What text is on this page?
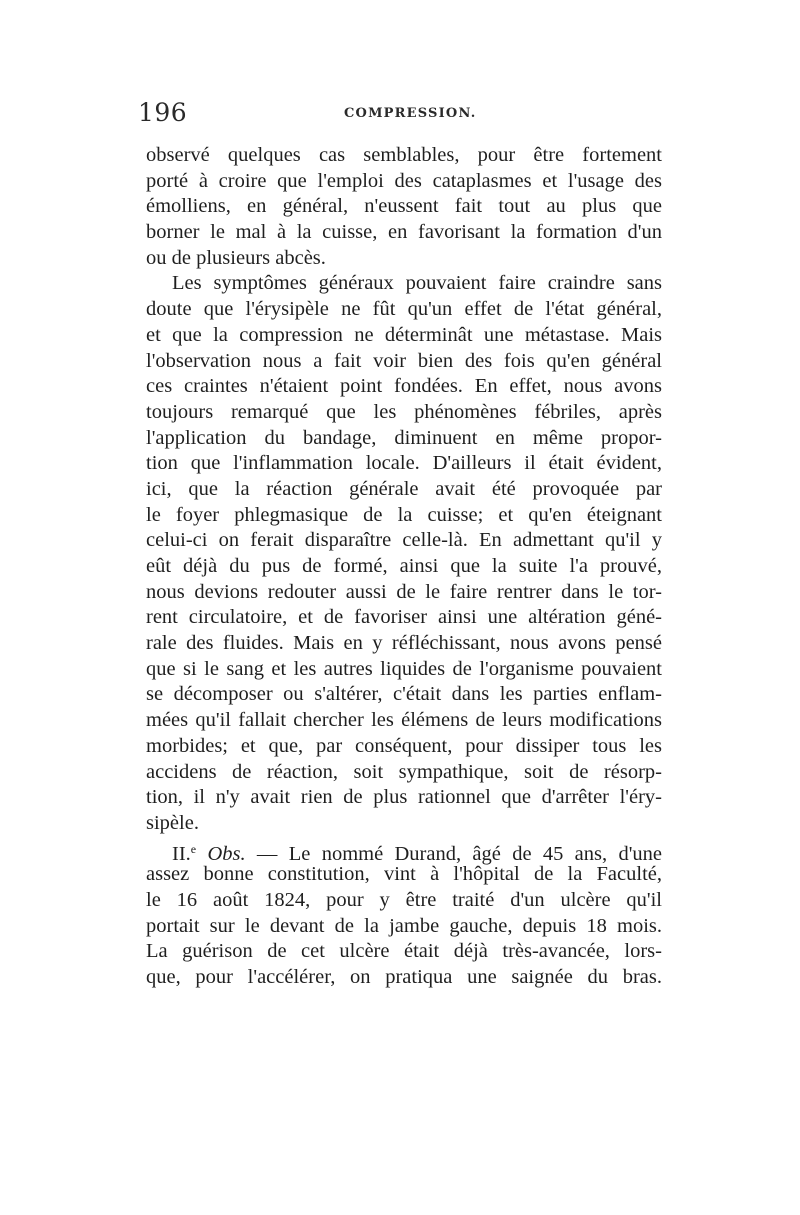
196	COMPRESSION.
observé quelques cas semblables, pour être fortement
porté à croire que l'emploi des cataplasmes et l'usage des
émolliens, en général, n'eussent fait tout au plus que
borner le mal à la cuisse, en favorisant la formation d'un
ou de plusieurs abcès.
Les symptômes généraux pouvaient faire craindre sans
doute que l'érysipèle ne fût qu'un effet de l'état général,
et que la compression ne déterminât une métastase. Mais
l'observation nous a fait voir bien des fois qu'en général
ces craintes n'étaient point fondées. En effet, nous avons
toujours remarqué que les phénomènes fébriles, après
l'application du bandage, diminuent en même propor-
tion que l'inflammation locale. D'ailleurs il était évident,
ici, que la réaction générale avait été provoquée par
le foyer phlegmasique de la cuisse; et qu'en éteignant
celui-ci on ferait disparaître celle-là. En admettant qu'il y
eût déjà du pus de formé, ainsi que la suite l'a prouvé,
nous devions redouter aussi de le faire rentrer dans le tor-
rent circulatoire, et de favoriser ainsi une altération géné-
rale des fluides. Mais en y réfléchissant, nous avons pensé
que si le sang et les autres liquides de l'organisme pouvaient
se décomposer ou s'altérer, c'était dans les parties enflam-
mées qu'il fallait chercher les élémens de leurs modifications
morbides; et que, par conséquent, pour dissiper tous les
accidens de réaction, soit sympathique, soit de résorp-
tion, il n'y avait rien de plus rationnel que d'arrêter l'éry-
sipèle.
II.$^e$ Obs. — Le nommé Durand, âgé de 45 ans, d'une
assez bonne constitution, vint à l'hôpital de la Faculté,
le 16 août 1824, pour y être traité d'un ulcère qu'il
portait sur le devant de la jambe gauche, depuis 18 mois.
La guérison de cet ulcère était déjà très-avancée, lors-
que, pour l'accélérer, on pratiqua une saignée du bras.
